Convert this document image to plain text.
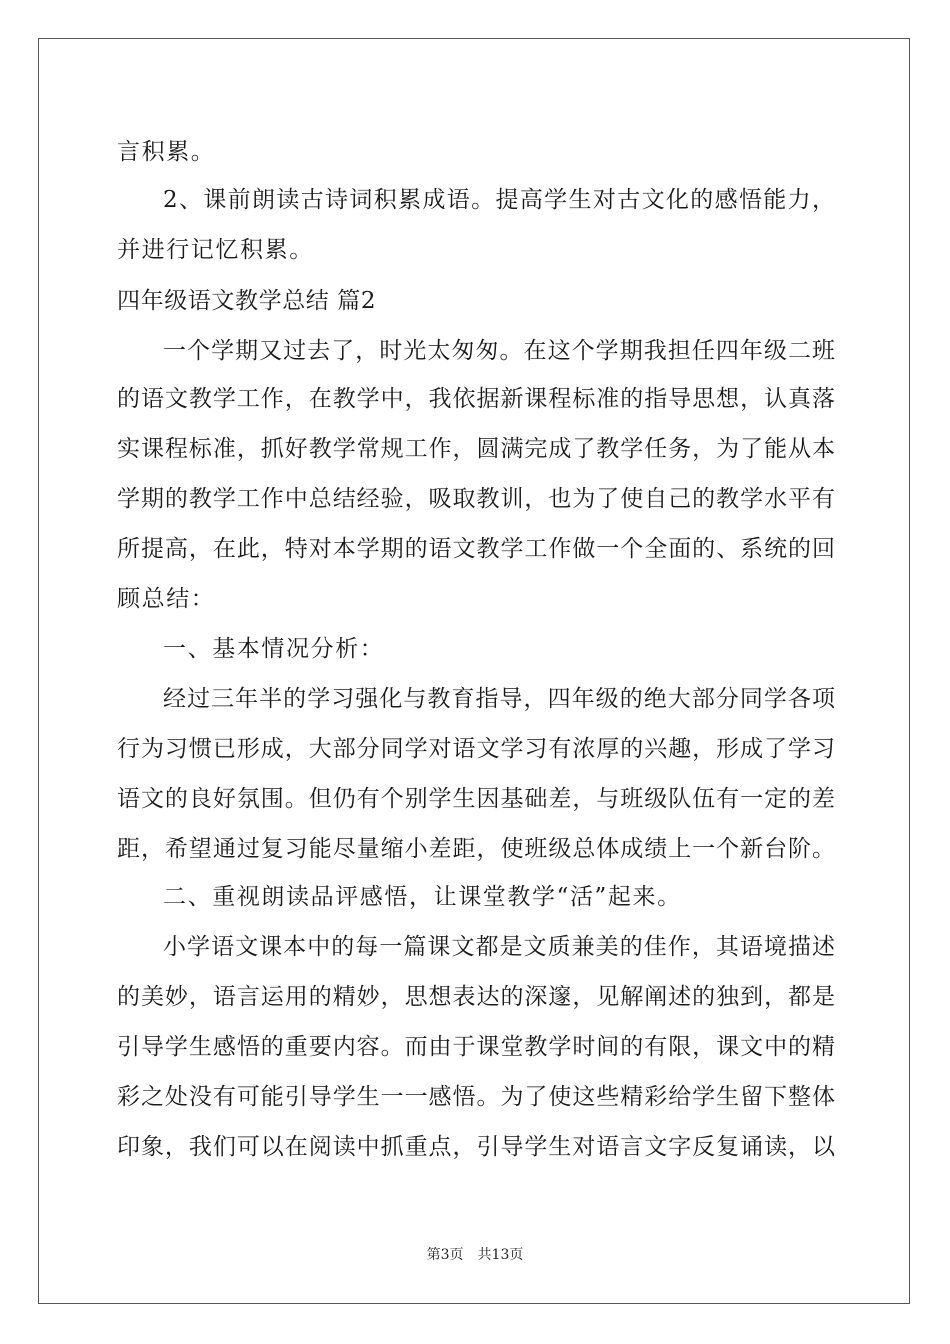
言积累。
2、课前朗读古诗词积累成语。提高学生对古文化的感悟能力，
并进行记忆积累。
四年级语文教学总结 篇2
一个学期又过去了，时光太匆匆。在这个学期我担任四年级二班
的语文教学工作，在教学中，我依据新课程标准的指导思想，认真落
实课程标准，抓好教学常规工作，圆满完成了教学任务，为了能从本
学期的教学工作中总结经验，吸取教训，也为了使自己的教学水平有
所提高，在此，特对本学期的语文教学工作做一个全面的、系统的回
顾总结：
一、基本情况分析：
经过三年半的学习强化与教育指导，四年级的绝大部分同学各项
行为习惯已形成，大部分同学对语文学习有浓厚的兴趣，形成了学习
语文的良好氛围。但仍有个别学生因基础差，与班级队伍有一定的差
距，希望通过复习能尽量缩小差距，使班级总体成绩上一个新台阶。
二、重视朗读品评感悟，让课堂教学“活”起来。
小学语文课本中的每一篇课文都是文质兼美的佳作，其语境描述
的美妙，语言运用的精妙，思想表达的深邃，见解阐述的独到，都是
引导学生感悟的重要内容。而由于课堂教学时间的有限，课文中的精
彩之处没有可能引导学生一一感悟。为了使这些精彩给学生留下整体
印象，我们可以在阅读中抓重点，引导学生对语言文字反复诵读，以
第3页 共13页
